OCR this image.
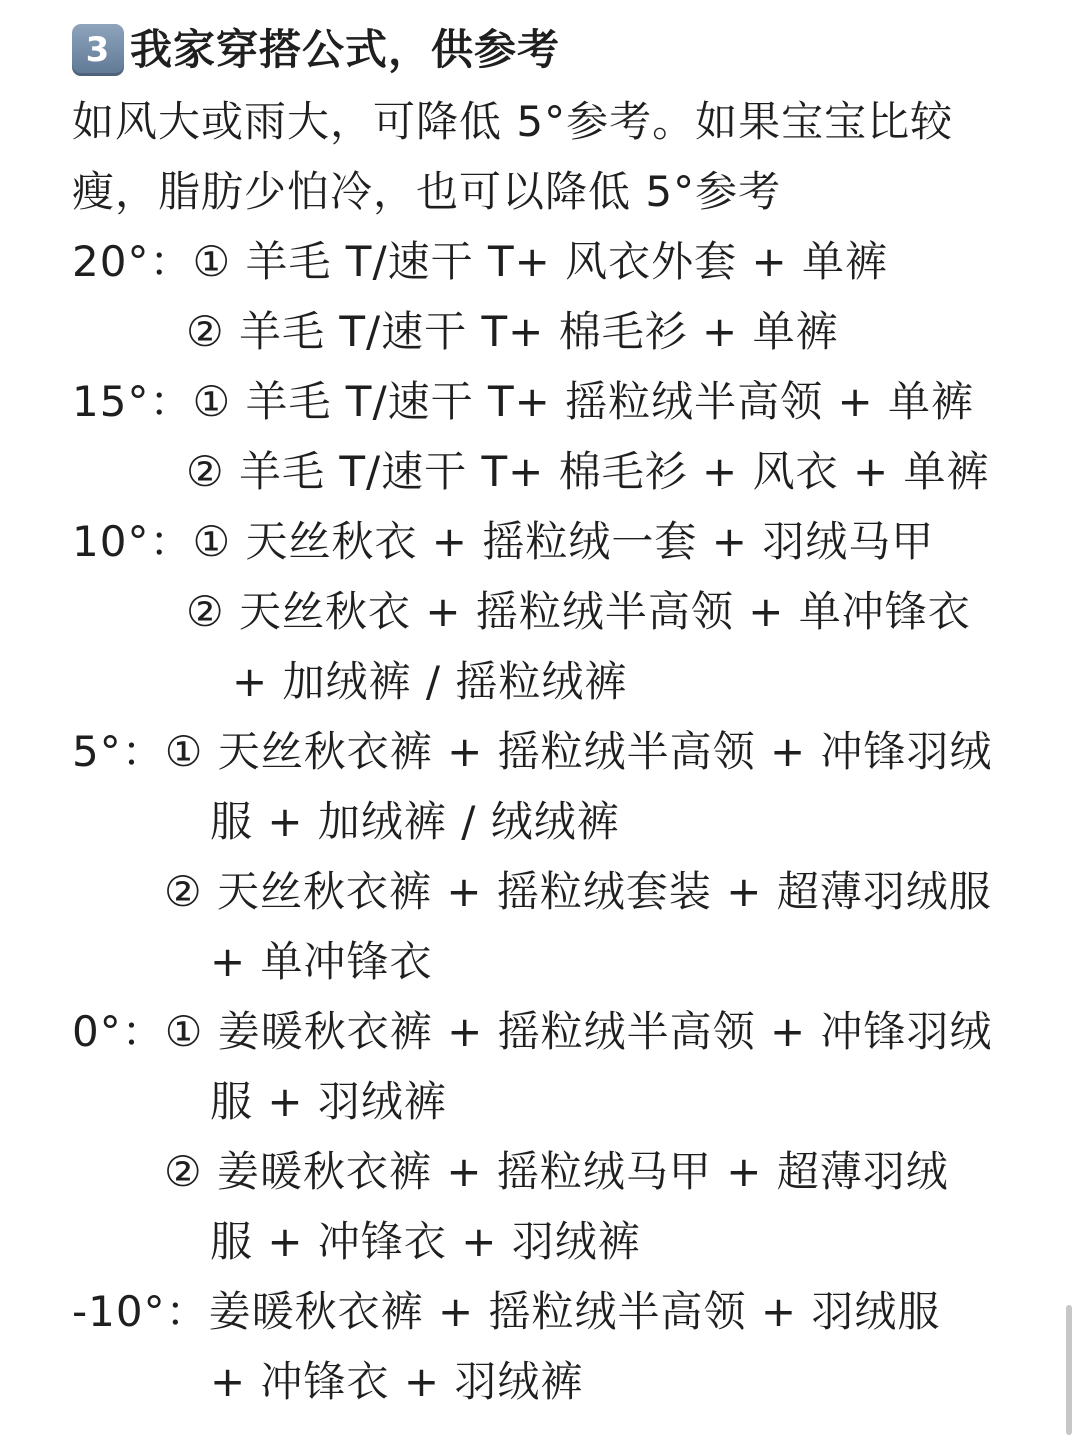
3 我家穿搭公式，供参考
如风大或雨大，可降低 5°参考。如果宝宝比较
瘦，脂肪少怕冷，也可以降低 5°参考
20°：① 羊毛 T/速干 T+ 风衣外套 + 单裤
② 羊毛 T/速干 T+ 棉毛衫 + 单裤
15°：① 羊毛 T/速干 T+ 摇粒绒半高领 + 单裤
② 羊毛 T/速干 T+ 棉毛衫 + 风衣 + 单裤
10°：① 天丝秋衣 + 摇粒绒一套 + 羽绒马甲
② 天丝秋衣 + 摇粒绒半高领 + 单冲锋衣
+ 加绒裤 / 摇粒绒裤
5°：① 天丝秋衣裤 + 摇粒绒半高领 + 冲锋羽绒
服 + 加绒裤 / 绒绒裤
② 天丝秋衣裤 + 摇粒绒套装 + 超薄羽绒服
+ 单冲锋衣
0°：① 姜暖秋衣裤 + 摇粒绒半高领 + 冲锋羽绒
服 + 羽绒裤
② 姜暖秋衣裤 + 摇粒绒马甲 + 超薄羽绒
服 + 冲锋衣 + 羽绒裤
-10°：姜暖秋衣裤 + 摇粒绒半高领 + 羽绒服
+ 冲锋衣 + 羽绒裤
